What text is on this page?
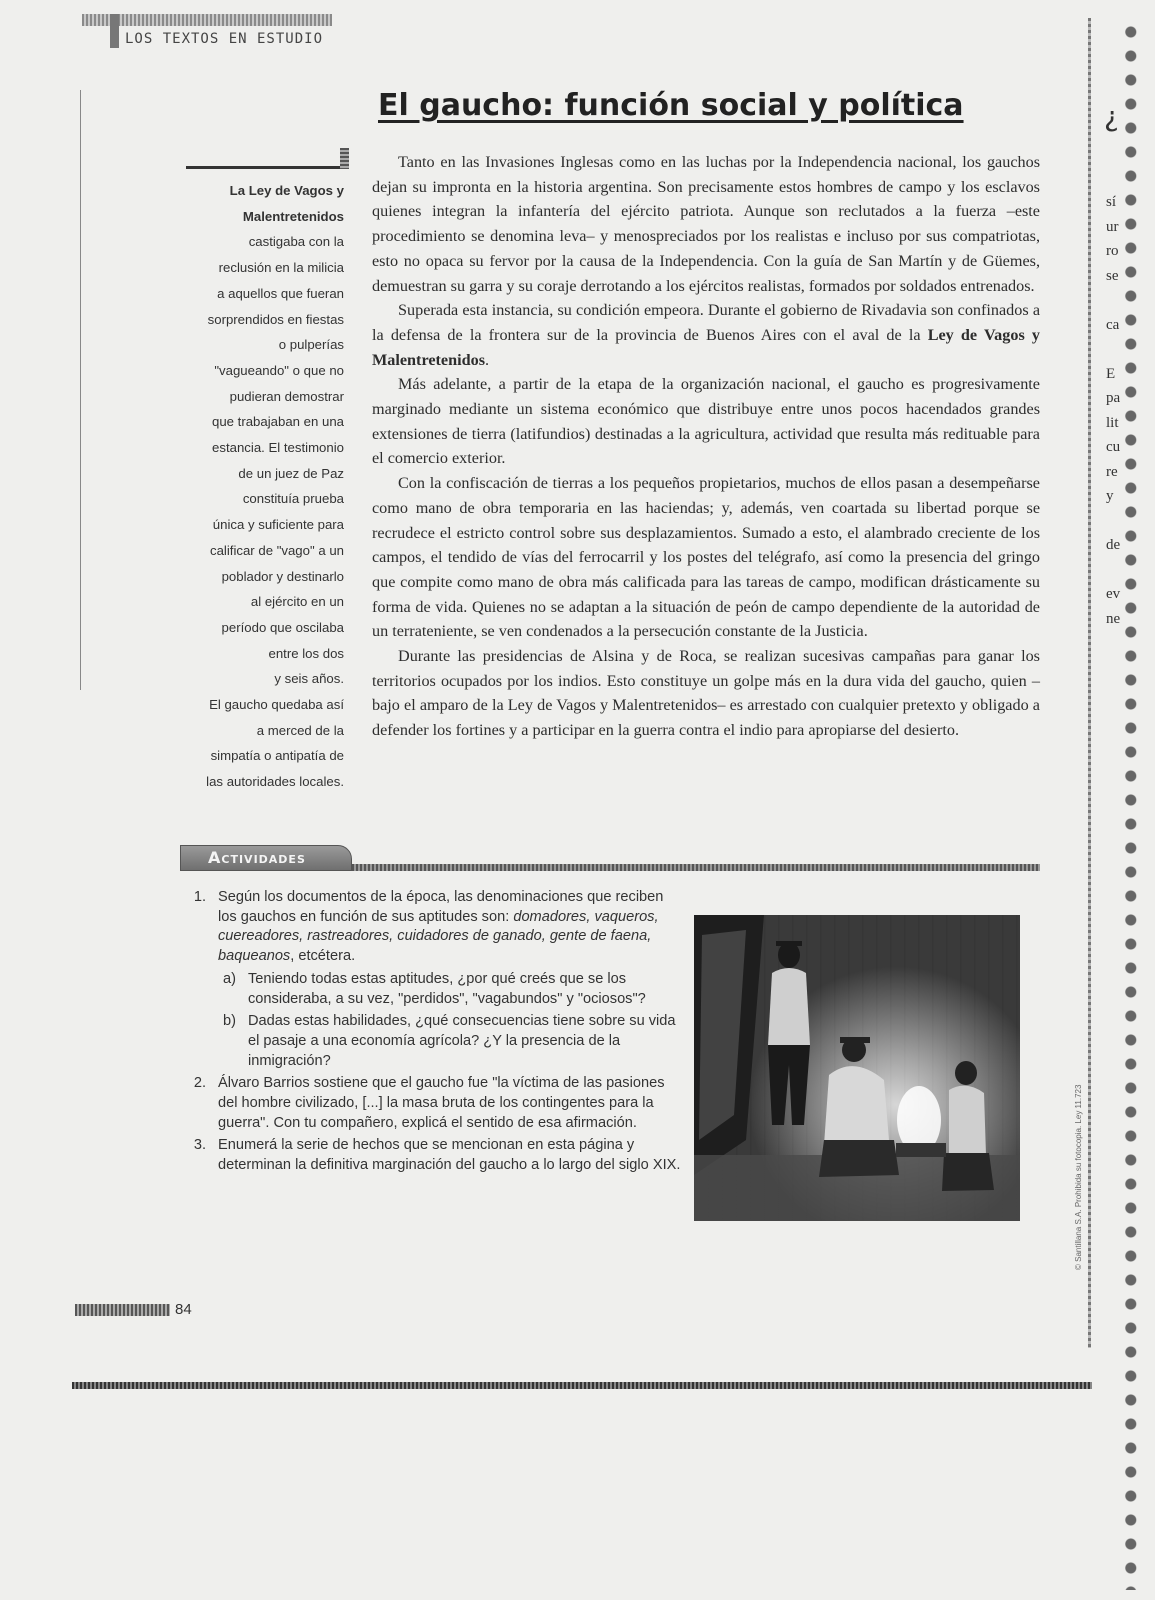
LOS TEXTOS EN ESTUDIO
El gaucho: función social y política
La Ley de Vagos y
Malentretenidos
castigaba con la
reclusión en la milicia
a aquellos que fueran
sorprendidos en fiestas
o pulperías
"vagueando" o que no
pudieran demostrar
que trabajaban en una
estancia. El testimonio
de un juez de Paz
constituía prueba
única y suficiente para
calificar de "vago" a un
poblador y destinarlo
al ejército en un
período que oscilaba
entre los dos
y seis años.
El gaucho quedaba así
a merced de la
simpatía o antipatía de
las autoridades locales.

Tanto en las Invasiones Inglesas como en las luchas por la Independencia nacional, los gauchos dejan su impronta en la historia argentina. Son precisamente estos hombres de campo y los esclavos quienes integran la infantería del ejército patriota. Aunque son reclutados a la fuerza –este procedimiento se denomina leva– y menospreciados por los realistas e incluso por sus compatriotas, esto no opaca su fervor por la causa de la Independencia. Con la guía de San Martín y de Güemes, demuestran su garra y su coraje derrotando a los ejércitos realistas, formados por soldados entrenados.

Superada esta instancia, su condición empeora. Durante el gobierno de Rivadavia son confinados a la defensa de la frontera sur de la provincia de Buenos Aires con el aval de la Ley de Vagos y Malentretenidos.

Más adelante, a partir de la etapa de la organización nacional, el gaucho es progresivamente marginado mediante un sistema económico que distribuye entre unos pocos hacendados grandes extensiones de tierra (latifundios) destinadas a la agricultura, actividad que resulta más redituable para el comercio exterior.

Con la confiscación de tierras a los pequeños propietarios, muchos de ellos pasan a desempeñarse como mano de obra temporaria en las haciendas; y, además, ven coartada su libertad porque se recrudece el estricto control sobre sus desplazamientos. Sumado a esto, el alambrado creciente de los campos, el tendido de vías del ferrocarril y los postes del telégrafo, así como la presencia del gringo que compite como mano de obra más calificada para las tareas de campo, modifican drásticamente su forma de vida. Quienes no se adaptan a la situación de peón de campo dependiente de la autoridad de un terrateniente, se ven condenados a la persecución constante de la Justicia.

Durante las presidencias de Alsina y de Roca, se realizan sucesivas campañas para ganar los territorios ocupados por los indios. Esto constituye un golpe más en la dura vida del gaucho, quien –bajo el amparo de la Ley de Vagos y Malentretenidos– es arrestado con cualquier pretexto y obligado a defender los fortines y a participar en la guerra contra el indio para apropiarse del desierto.

Actividades
1. Según los documentos de la época, las denominaciones que reciben los gauchos en función de sus aptitudes son: domadores, vaqueros, cuereadores, rastreadores, cuidadores de ganado, gente de faena, baqueanos, etcétera.
a) Teniendo todas estas aptitudes, ¿por qué creés que se los consideraba, a su vez, "perdidos", "vagabundos" y "ociosos"?
b) Dadas estas habilidades, ¿qué consecuencias tiene sobre su vida el pasaje a una economía agrícola? ¿Y la presencia de la inmigración?
2. Álvaro Barrios sostiene que el gaucho fue "la víctima de las pasiones del hombre civilizado, [...] la masa bruta de los contingentes para la guerra". Con tu compañero, explicá el sentido de esa afirmación.
3. Enumerá la serie de hechos que se mencionan en esta página y determinan la definitiva marginación del gaucho a lo largo del siglo XIX.
84
© Santillana S.A. Prohibida su fotocopia. Ley 11.723
¿
sí
ur
ro
se

ca

E
pa
lit
cu
re
y

de

ev
ne
